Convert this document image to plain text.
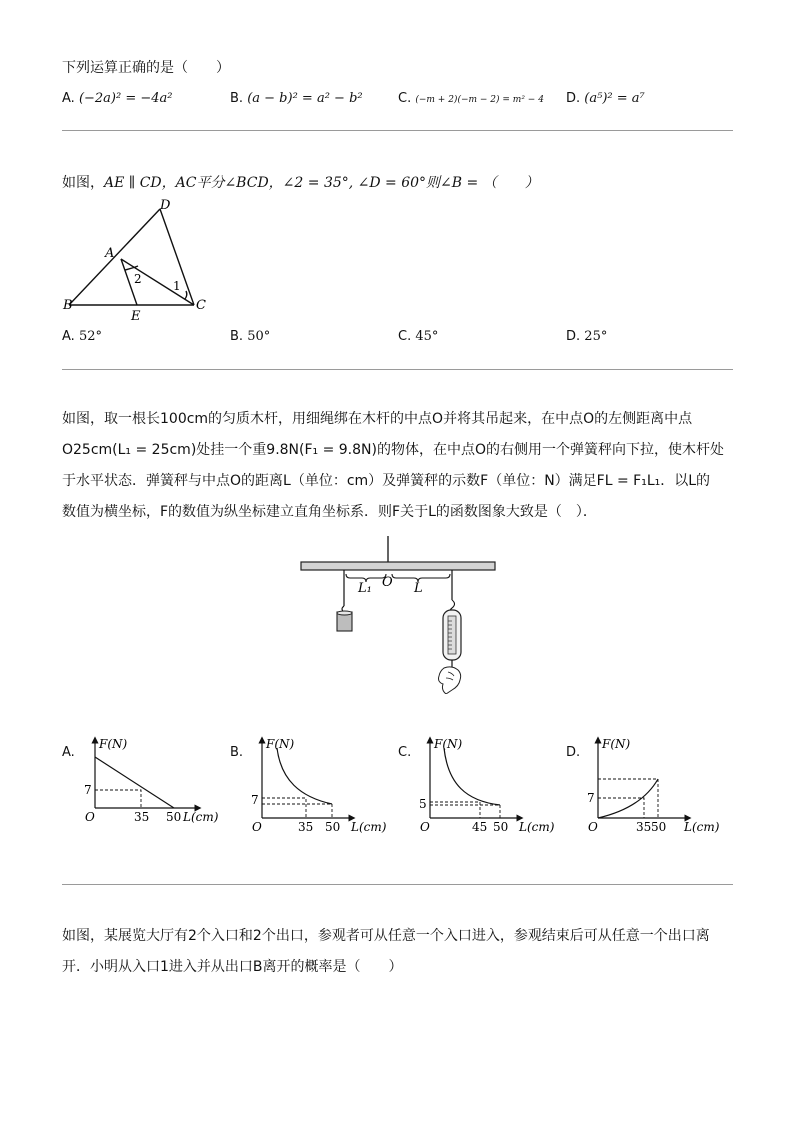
下列运算正确的是（　　）
A. (−2a)² = −4a²	B. (a − b)² = a² − b²	C. (−m + 2)(−m − 2) = m² − 4 D. (a⁵)² = a⁷
如图，AE ∥ CD，AC平分∠BCD，∠2 = 35°, ∠D = 60°则∠B = （　　）
D
A
2	1
B
E
C
A. 52°	B. 50°	C. 45°	D. 25°
如图，取一根长100cm的匀质木杆，用细绳绑在木杆的中点O并将其吊起来，在中点O的左侧距离中点
O25cm(L₁ = 25cm)处挂一个重9.8N(F₁ = 9.8N)的物体，在中点O的右侧用一个弹簧秤向下拉，使木杆处
于水平状态．弹簧秤与中点O的距离L（单位：cm）及弹簧秤的示数F（单位：N）满足FL = F₁L₁．以L的
数值为横坐标，F的数值为纵坐标建立直角坐标系．则F关于L的函数图象大致是（　）．
L₁ O L
A.	B.	C.	D.
F(N)
O
7
35 50 L(cm)
F(N)
O
7
35 50 L(cm)
F(N)
O
5
45 50 L(cm)
F(N)
O
7
35 50 L(cm)
如图，某展览大厅有2个入口和2个出口，参观者可从任意一个入口进入，参观结束后可从任意一个出口离
开．小明从入口1进入并从出口B离开的概率是（　　）
